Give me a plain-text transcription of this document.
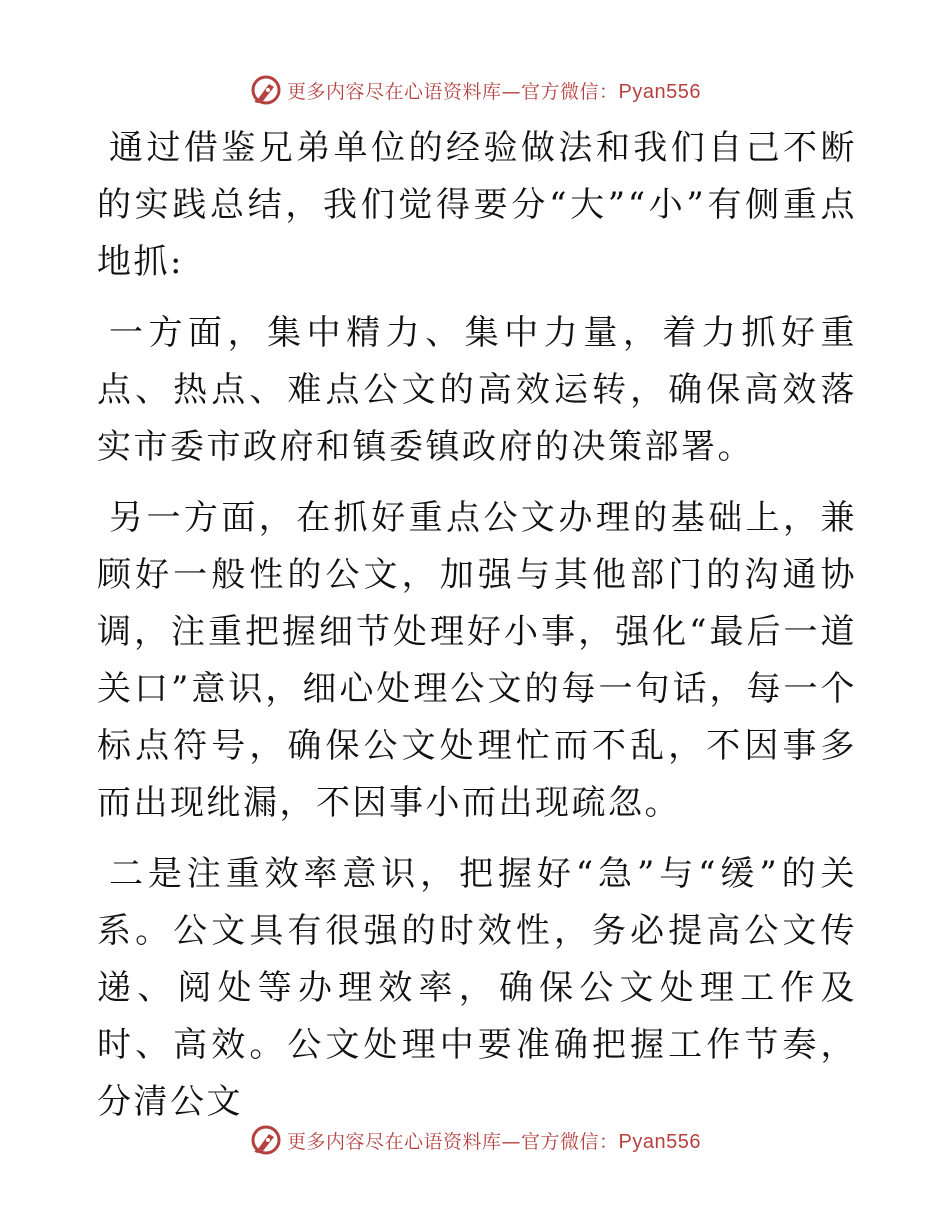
更多内容尽在心语资料库—官方微信：Pyan556

通过借鉴兄弟单位的经验做法和我们自己不断的实践总结，我们觉得要分“大”“小”有侧重点地抓:

一方面，集中精力、集中力量，着力抓好重点、热点、难点公文的高效运转，确保高效落实市委市政府和镇委镇政府的决策部署。

另一方面，在抓好重点公文办理的基础上，兼顾好一般性的公文，加强与其他部门的沟通协调，注重把握细节处理好小事，强化“最后一道关口”意识，细心处理公文的每一句话，每一个标点符号，确保公文处理忙而不乱，不因事多而出现纰漏，不因事小而出现疏忽。

二是注重效率意识，把握好“急”与“缓”的关系。公文具有很强的时效性，务必提高公文传递、阅处等办理效率，确保公文处理工作及时、高效。公文处理中要准确把握工作节奏，分清公文

更多内容尽在心语资料库—官方微信：Pyan556
